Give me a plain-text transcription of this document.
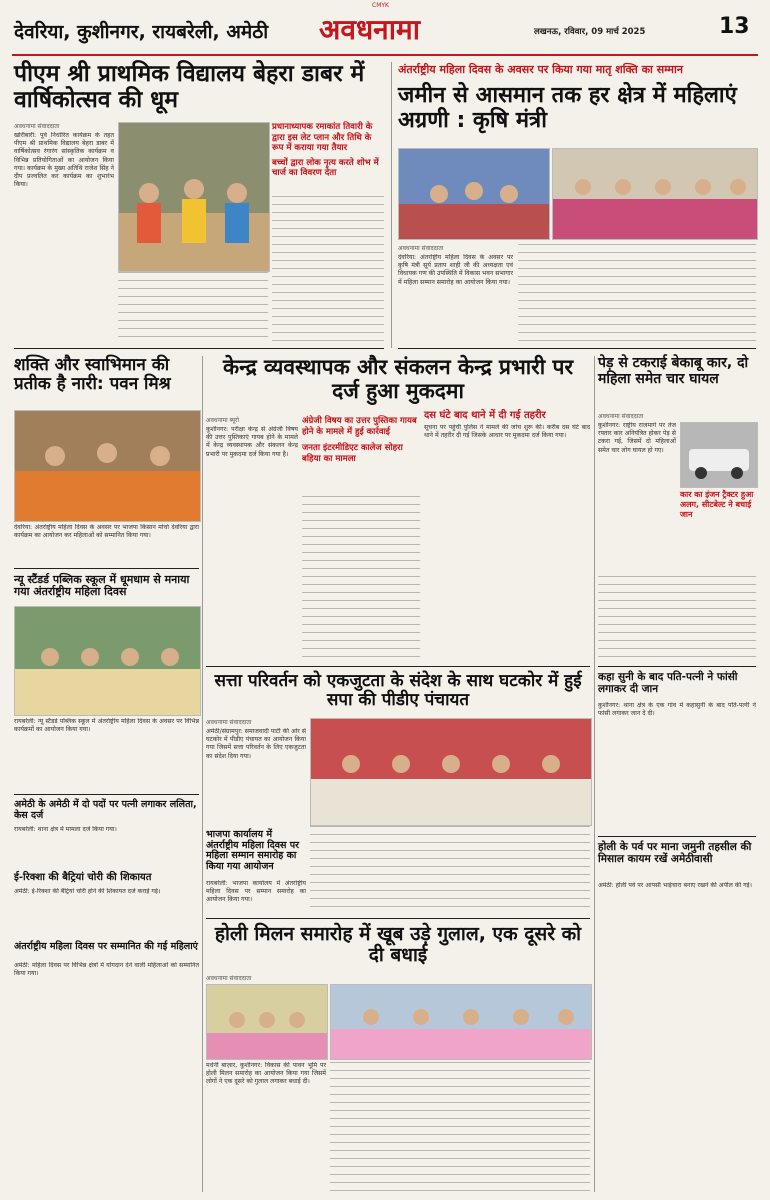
CMYK
देवरिया, कुशीनगर, रायबरेली, अमेठी अवधनामा	लखनऊ, रविवार, 09 मार्च 2025	13
पीएम श्री प्राथमिक विद्यालय बेहरा डाबर में वार्षिकोत्सव की धूम
अवधनामा संवाददाता
खोरीबारी: पूर्व निर्धारित कार्यक्रम के तहत पीएम श्री प्राथमिक विद्यालय बेहरा डाबर में वार्षिकोत्सव रंगारंग सांस्कृतिक कार्यक्रम व विभिन्न प्रतियोगिताओं का आयोजन किया गया। कार्यक्रम के मुख्य अतिथि राजेश सिंह ने दीप प्रज्वलित कर कार्यक्रम का शुभारंभ किया।
प्रधानाध्यापक रमाकांत तिवारी के द्वारा इस लेट प्लान और तिथि के रूप में कराया गया तैयार
बच्चों द्वारा लोक नृत्य करते शोभ में चार्ज का विवरण देता
अंतर्राष्ट्रीय महिला दिवस के अवसर पर किया गया मातृ शक्ति का सम्मान
जमीन से आसमान तक हर क्षेत्र में महिलाएं अग्रणी : कृषि मंत्री
अवधनामा संवाददाता
देवरिया: अंतर्राष्ट्रीय महिला दिवस के अवसर पर कृषि मंत्री सूर्य प्रताप शाही जी की अध्यक्षता एवं विधायक गण की उपस्थिति में विकास भवन सभागार में महिला सम्मान समारोह का आयोजन किया गया।
शक्ति और स्वाभिमान की प्रतीक है नारी: पवन मिश्र
देवरिया: अंतर्राष्ट्रीय महिला दिवस के अवसर पर भाजपा किसान मोर्चा देवरिया द्वारा कार्यक्रम का आयोजन कर महिलाओं को सम्मानित किया गया।
न्यू स्टैंडर्ड पब्लिक स्कूल में धूमधाम से मनाया गया अंतर्राष्ट्रीय महिला दिवस
रायबरेली: न्यू स्टैंडर्ड पब्लिक स्कूल में अंतर्राष्ट्रीय महिला दिवस के अवसर पर विभिन्न कार्यक्रमों का आयोजन किया गया।
अमेठी के अमेठी में दो पदों पर पत्नी लगाकर ललिता, केस दर्ज
रायबरेली: थाना क्षेत्र में मामला दर्ज किया गया।
ई-रिक्शा की बैट्रियां चोरी की शिकायत
अमेठी: ई-रिक्शा की बैट्रियां चोरी होने की शिकायत दर्ज कराई गई।
अंतर्राष्ट्रीय महिला दिवस पर सम्मानित की गई महिलाएं
अमेठी: महिला दिवस पर विभिन्न क्षेत्रों में योगदान देने वाली महिलाओं को सम्मानित किया गया।
केन्द्र व्यवस्थापक और संकलन केन्द्र प्रभारी पर दर्ज हुआ मुकदमा
अवधनामा ब्यूरो
कुशीनगर: परीक्षा केन्द्र से अंग्रेजी विषय की उत्तर पुस्तिकाएं गायब होने के मामले में केन्द्र व्यवस्थापक और संकलन केन्द्र प्रभारी पर मुकदमा दर्ज किया गया है।
अंग्रेजी विषय का उत्तर पुस्तिका गायब होने के मामले में हुई कार्रवाई
जनता इंटरमीडिएट कालेज सोहरा बहिया का मामला
दस घंटे बाद थाने में दी गई तहरीर
सूचना पर पहुंची पुलिस ने मामले की जांच शुरू की। करीब दस घंटे बाद थाने में तहरीर दी गई जिसके आधार पर मुकदमा दर्ज किया गया।
पेड़ से टकराई बेकाबू कार, दो महिला समेत चार घायल
अवधनामा संवाददाता
कुशीनगर: राष्ट्रीय राजमार्ग पर तेज रफ्तार कार अनियंत्रित होकर पेड़ से टकरा गई, जिसमें दो महिलाओं समेत चार लोग घायल हो गए।
कार का इंजन ट्रैक्टर हुआ अलग, सीटबेल्ट ने बचाई जान
सत्ता परिवर्तन को एकजुटता के संदेश के साथ घटकोर में हुई सपा की पीडीए पंचायत
अवधनामा संवाददाता
अमेठी/संग्रामपुर: समाजवादी पार्टी की ओर से घटकोर में पीडीए पंचायत का आयोजन किया गया जिसमें सत्ता परिवर्तन के लिए एकजुटता का संदेश दिया गया।
भाजपा कार्यालय में अंतर्राष्ट्रीय महिला दिवस पर महिला सम्मान समारोह का किया गया आयोजन
रायबरेली: भाजपा कार्यालय में अंतर्राष्ट्रीय महिला दिवस पर सम्मान समारोह का आयोजन किया गया।
कहा सुनी के बाद पति-पत्नी ने फांसी लगाकर दी जान
कुशीनगर: थाना क्षेत्र के एक गांव में कहासुनी के बाद पति-पत्नी ने फांसी लगाकर जान दे दी।
होली के पर्व पर माना जमुनी तहसील की मिसाल कायम रखें अमेठीवासी
अमेठी: होली पर्व पर आपसी भाईचारा बनाए रखने की अपील की गई।
होली मिलन समारोह में खूब उड़े गुलाल, एक दूसरे को दी बधाई
अवधनामा संवाददाता
मधेनी बाज़ार, कुशीनगर: विकास की पावन भूमि पर होली मिलन समारोह का आयोजन किया गया जिसमें लोगों ने एक दूसरे को गुलाल लगाकर बधाई दी।
